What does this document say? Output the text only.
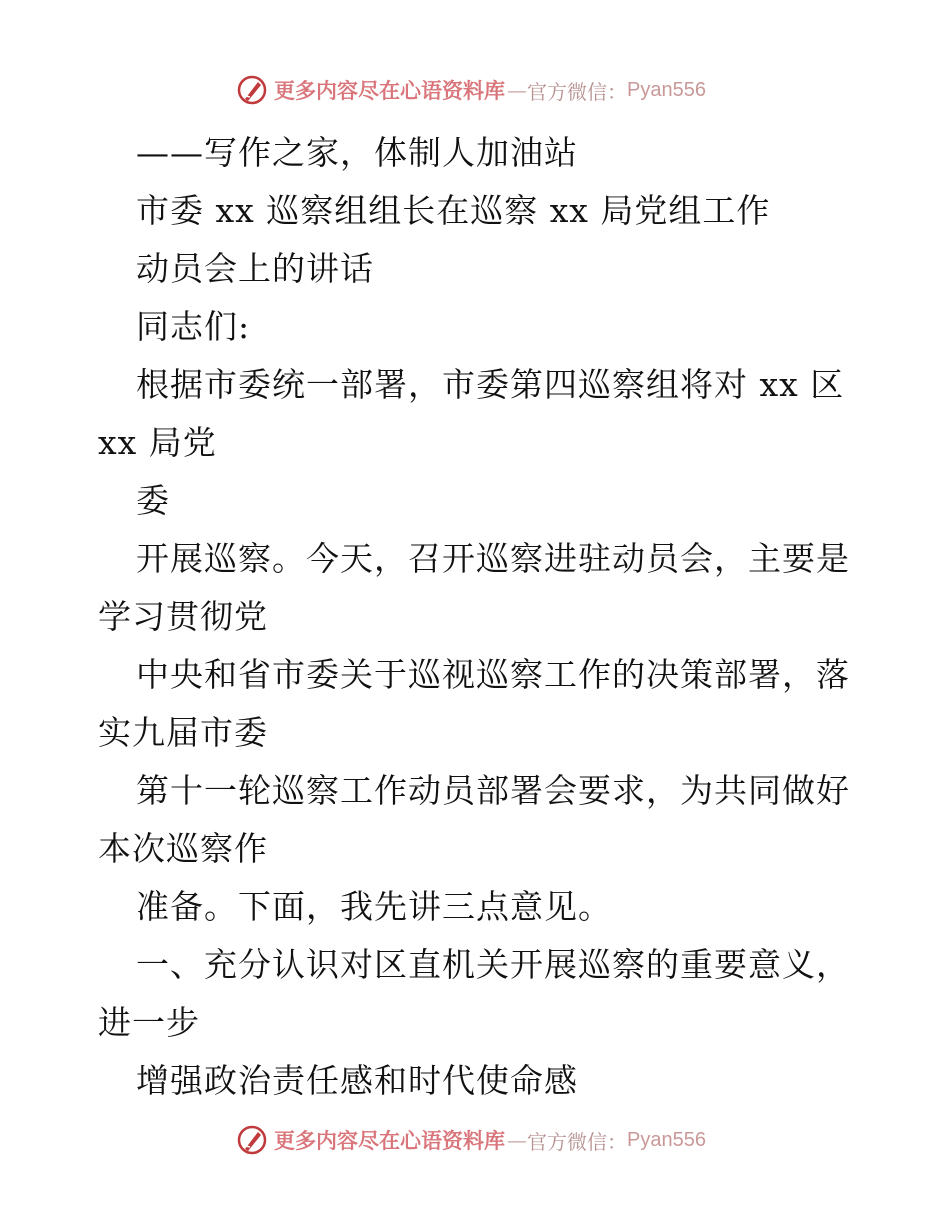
更多内容尽在心语资料库 — 官方微信： Pyan556
——写作之家，体制人加油站
市委 xx 巡察组组长在巡察 xx 局党组工作
动员会上的讲话
同志们:
根据市委统一部署，市委第四巡察组将对 xx 区
xx 局党
委
开展巡察。今天，召开巡察进驻动员会，主要是
学习贯彻党
中央和省市委关于巡视巡察工作的决策部署，落
实九届市委
第十一轮巡察工作动员部署会要求，为共同做好
本次巡察作
准备。下面，我先讲三点意见。
一、充分认识对区直机关开展巡察的重要意义，
进一步
增强政治责任感和时代使命感
更多内容尽在心语资料库 — 官方微信： Pyan556
